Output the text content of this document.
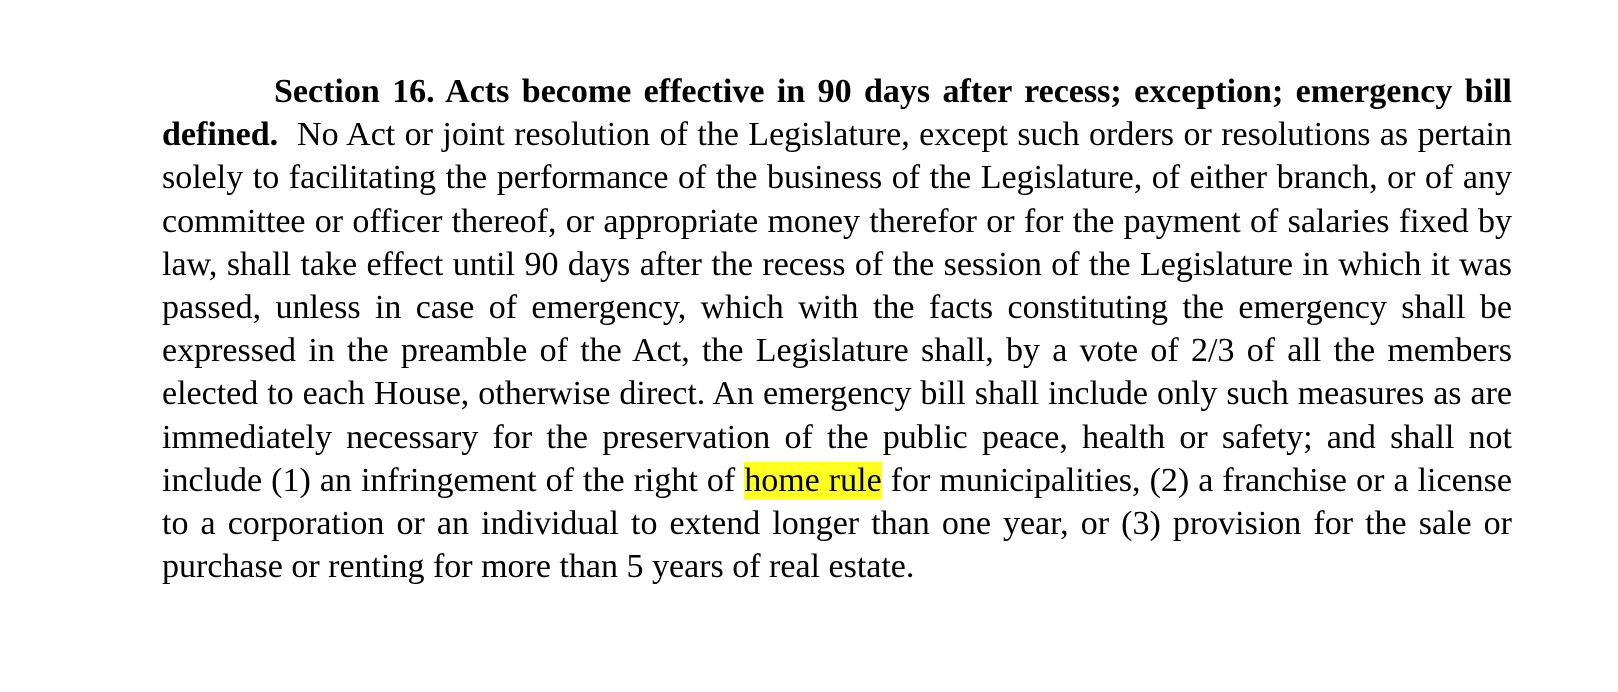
Section 16. Acts become effective in 90 days after recess; exception; emergency bill defined. No Act or joint resolution of the Legislature, except such orders or resolutions as pertain solely to facilitating the performance of the business of the Legislature, of either branch, or of any committee or officer thereof, or appropriate money therefor or for the payment of salaries fixed by law, shall take effect until 90 days after the recess of the session of the Legislature in which it was passed, unless in case of emergency, which with the facts constituting the emergency shall be expressed in the preamble of the Act, the Legislature shall, by a vote of 2/3 of all the members elected to each House, otherwise direct. An emergency bill shall include only such measures as are immediately necessary for the preservation of the public peace, health or safety; and shall not include (1) an infringement of the right of home rule for municipalities, (2) a franchise or a license to a corporation or an individual to extend longer than one year, or (3) provision for the sale or purchase or renting for more than 5 years of real estate.
